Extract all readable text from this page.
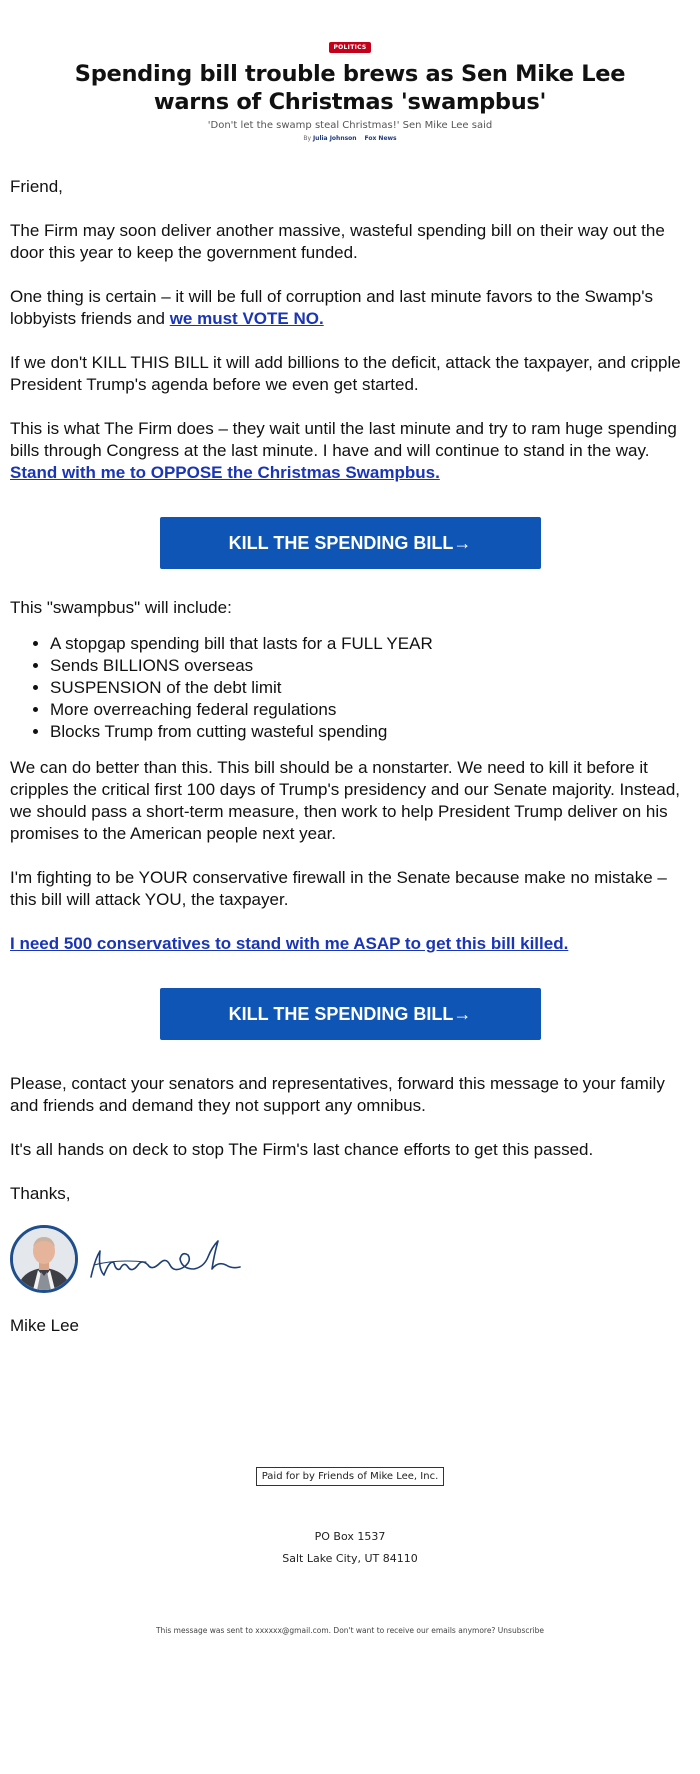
POLITICS
Spending bill trouble brews as Sen Mike Lee warns of Christmas 'swampbus'
'Don't let the swamp steal Christmas!' Sen Mike Lee said
By Julia Johnson Fox News

Friend,

The Firm may soon deliver another massive, wasteful spending bill on their way out the door this year to keep the government funded.

One thing is certain – it will be full of corruption and last minute favors to the Swamp's lobbyists friends and we must VOTE NO.

If we don't KILL THIS BILL it will add billions to the deficit, attack the taxpayer, and cripple President Trump's agenda before we even get started.

This is what The Firm does – they wait until the last minute and try to ram huge spending bills through Congress at the last minute. I have and will continue to stand in the way. Stand with me to OPPOSE the Christmas Swampbus.

KILL THE SPENDING BILL→

This "swampbus" will include:

• A stopgap spending bill that lasts for a FULL YEAR
• Sends BILLIONS overseas
• SUSPENSION of the debt limit
• More overreaching federal regulations
• Blocks Trump from cutting wasteful spending

We can do better than this. This bill should be a nonstarter. We need to kill it before it cripples the critical first 100 days of Trump's presidency and our Senate majority. Instead, we should pass a short-term measure, then work to help President Trump deliver on his promises to the American people next year.

I'm fighting to be YOUR conservative firewall in the Senate because make no mistake – this bill will attack YOU, the taxpayer.

I need 500 conservatives to stand with me ASAP to get this bill killed.

KILL THE SPENDING BILL→

Please, contact your senators and representatives, forward this message to your family and friends and demand they not support any omnibus.

It's all hands on deck to stop The Firm's last chance efforts to get this passed.

Thanks,

Mike Lee

Paid for by Friends of Mike Lee, Inc.
PO Box 1537
Salt Lake City, UT 84110
This message was sent to xxxxxx@gmail.com. Don't want to receive our emails anymore? Unsubscribe
